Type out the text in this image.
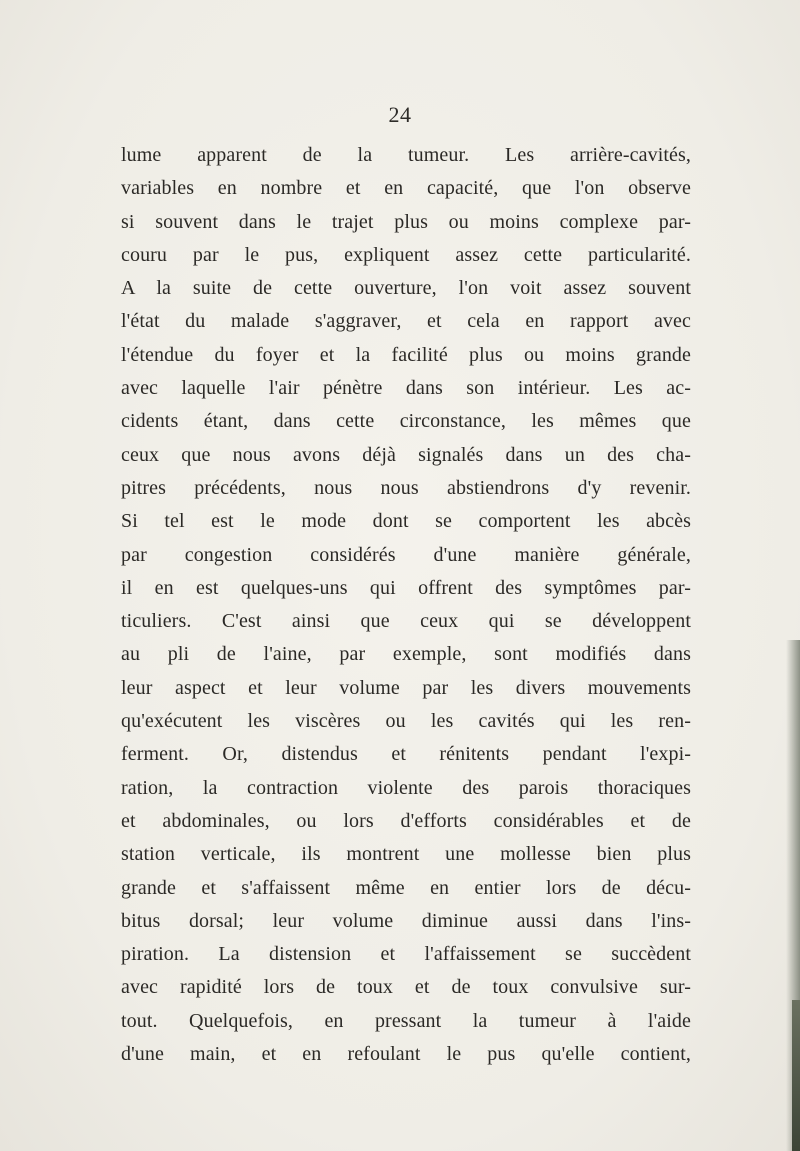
24
lume apparent de la tumeur. Les arrière-cavités,
variables en nombre et en capacité, que l'on observe
si souvent dans le trajet plus ou moins complexe par-
couru par le pus, expliquent assez cette particularité.
A la suite de cette ouverture, l'on voit assez souvent
l'état du malade s'aggraver, et cela en rapport avec
l'étendue du foyer et la facilité plus ou moins grande
avec laquelle l'air pénètre dans son intérieur. Les ac-
cidents étant, dans cette circonstance, les mêmes que
ceux que nous avons déjà signalés dans un des cha-
pitres précédents, nous nous abstiendrons d'y revenir.
Si tel est le mode dont se comportent les abcès
par congestion considérés d'une manière générale,
il en est quelques-uns qui offrent des symptômes par-
ticuliers. C'est ainsi que ceux qui se développent
au pli de l'aine, par exemple, sont modifiés dans
leur aspect et leur volume par les divers mouvements
qu'exécutent les viscères ou les cavités qui les ren-
ferment. Or, distendus et rénitents pendant l'expi-
ration, la contraction violente des parois thoraciques
et abdominales, ou lors d'efforts considérables et de
station verticale, ils montrent une mollesse bien plus
grande et s'affaissent même en entier lors de décu-
bitus dorsal; leur volume diminue aussi dans l'ins-
piration. La distension et l'affaissement se succèdent
avec rapidité lors de toux et de toux convulsive sur-
tout. Quelquefois, en pressant la tumeur à l'aide
d'une main, et en refoulant le pus qu'elle contient,
